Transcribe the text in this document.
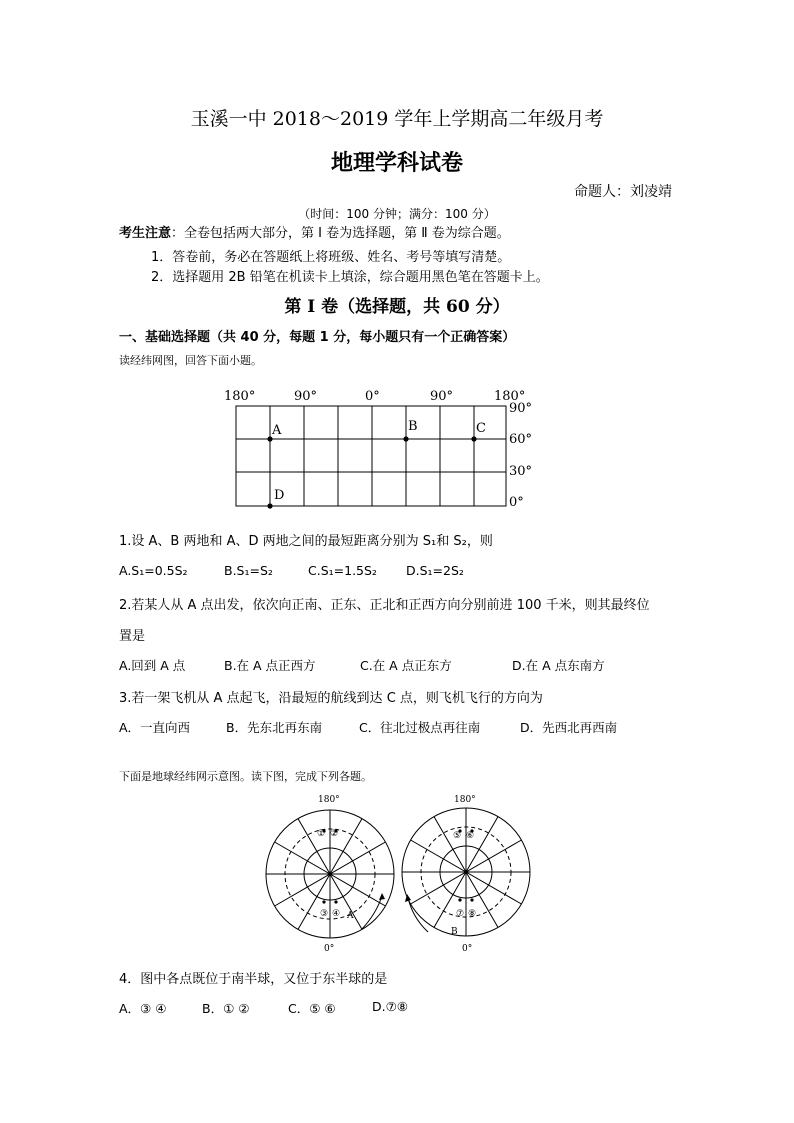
玉溪一中 2018～2019 学年上学期高二年级月考
地理学科试卷
命题人：刘凌靖
（时间：100 分钟；满分：100 分）
考生注意：全卷包括两大部分，第 Ⅰ 卷为选择题，第 Ⅱ 卷为综合题。
1．答卷前，务必在答题纸上将班级、姓名、考号等填写清楚。
2．选择题用 2B 铅笔在机读卡上填涂，综合题用黑色笔在答题卡上。
第 Ⅰ 卷（选择题，共 60 分）
一、基础选择题（共 40 分，每题 1 分，每小题只有一个正确答案）
读经纬网图，回答下面小题。
180°	90°	0°	90°	180°
90°
60°
30°
0°
A	B	C
D
1.设 A、B 两地和 A、D 两地之间的最短距离分别为 S₁和 S₂，则
A.S₁=0.5S₂	B.S₁=S₂	C.S₁=1.5S₂ D.S₁=2S₂
2.若某人从 A 点出发，依次向正南、正东、正北和正西方向分别前进 100 千米，则其最终位
置是
A.回到 A 点	B.在 A 点正西方	C.在 A 点正东方	D.在 A 点东南方
3.若一架飞机从 A 点起飞，沿最短的航线到达 C 点，则飞机飞行的方向为
A．一直向西	B．先东北再东南	C．往北过极点再往南	D．先西北再西南
下面是地球经纬网示意图。读下图，完成下列各题。
180°
0°
① ②
③ ④ A
180°
0°
⑤ ⑥
⑦ ⑧
B
4．图中各点既位于南半球，又位于东半球的是
A．③ ④	B．① ②	C．⑤ ⑥	D.⑦⑧
